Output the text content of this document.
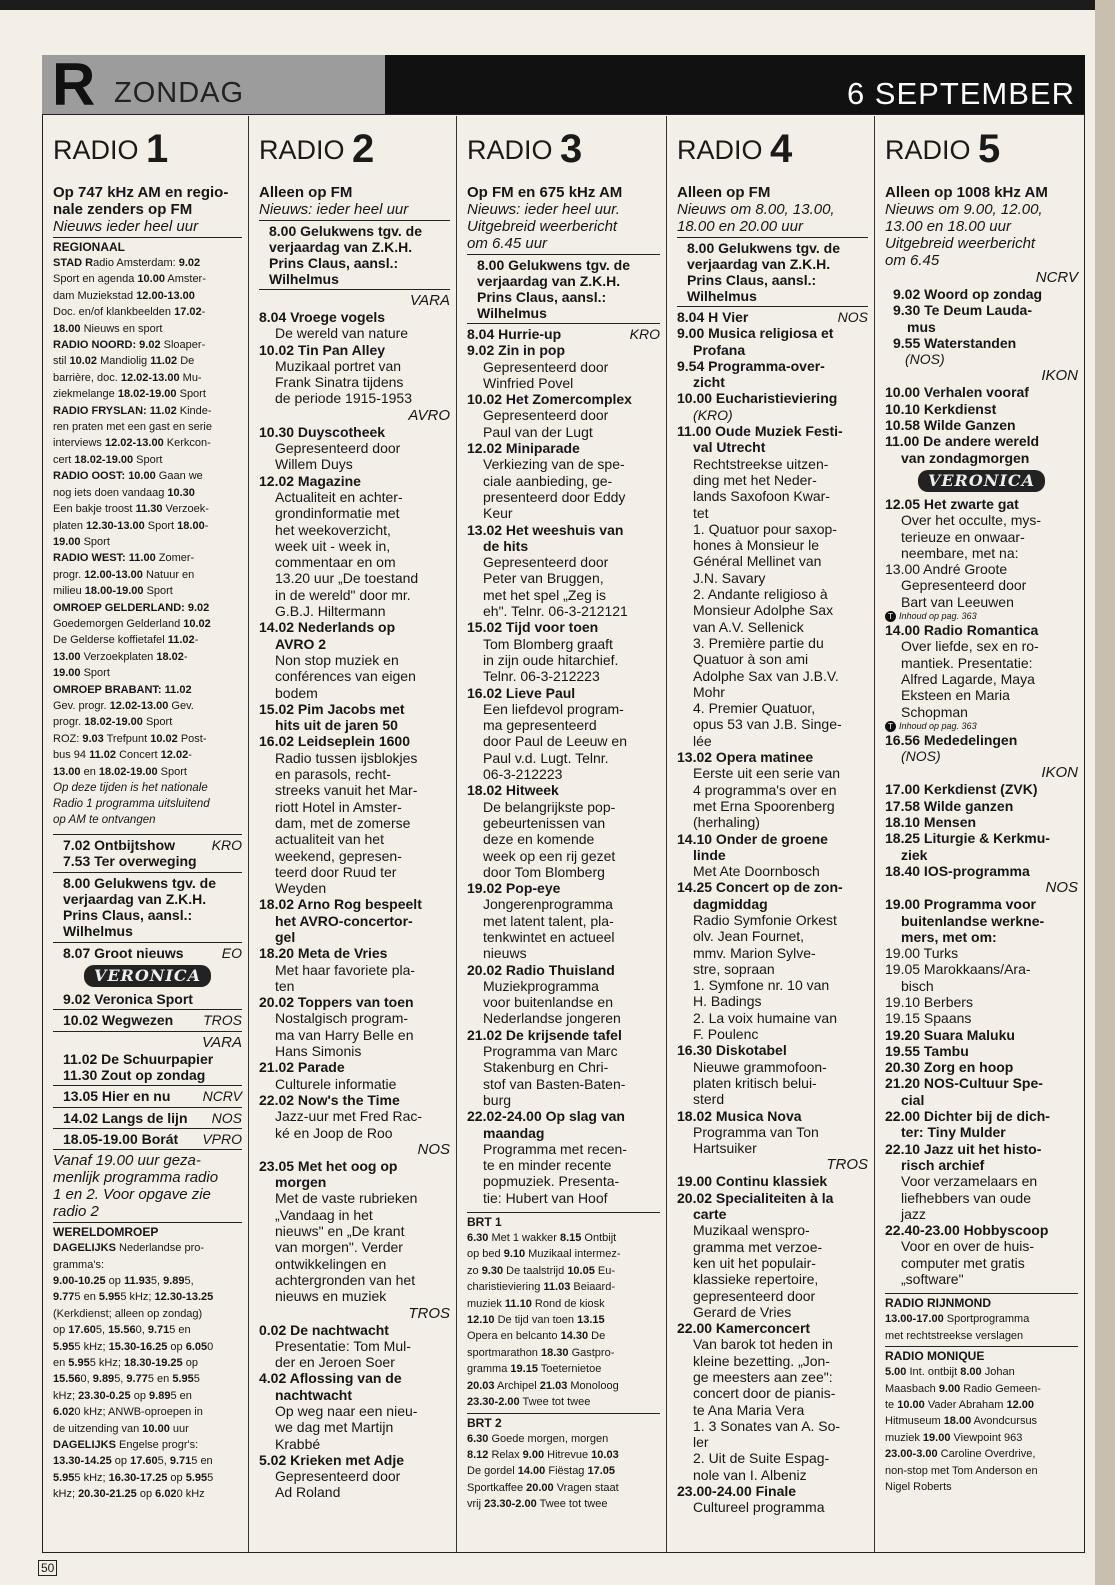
R ZONDAG	6 SEPTEMBER
RADIO 1
Op 747 kHz AM en regio-
nale zenders op FM
Nieuws ieder heel uur
REGIONAAL
STAD Radio Amsterdam: 9.02
Sport en agenda 10.00 Amster-
dam Muziekstad 12.00-13.00
Doc. en/of klankbeelden 17.02-
18.00 Nieuws en sport
RADIO NOORD: 9.02 Sloaper-
stil 10.02 Mandiolig 11.02 De
barrière, doc. 12.02-13.00 Mu-
ziekmelange 18.02-19.00 Sport
RADIO FRYSLAN: 11.02 Kinde-
ren praten met een gast en serie
interviews 12.02-13.00 Kerkcon-
cert 18.02-19.00 Sport
RADIO OOST: 10.00 Gaan we
nog iets doen vandaag 10.30
Een bakje troost 11.30 Verzoek-
platen 12.30-13.00 Sport 18.00-
19.00 Sport
RADIO WEST: 11.00 Zomer-
progr. 12.00-13.00 Natuur en
milieu 18.00-19.00 Sport
OMROEP GELDERLAND: 9.02
Goedemorgen Gelderland 10.02
De Gelderse koffietafel 11.02-
13.00 Verzoekplaten 18.02-
19.00 Sport
OMROEP BRABANT: 11.02
Gev. progr. 12.02-13.00 Gev.
progr. 18.02-19.00 Sport
ROZ: 9.03 Trefpunt 10.02 Post-
bus 94 11.02 Concert 12.02-
13.00 en 18.02-19.00 Sport
Op deze tijden is het nationale
Radio 1 programma uitsluitend
op AM te ontvangen
7.02 Ontbijtshow	KRO
7.53 Ter overweging
8.00 Gelukwens tgv. de
verjaardag van Z.K.H.
Prins Claus, aansl.:
Wilhelmus
8.07 Groot nieuws	EO
VERONICA
9.02 Veronica Sport
10.02 Wegwezen TROS
VARA
11.02 De Schuurpapier
11.30 Zout op zondag
13.05 Hier en nu NCRV
14.02 Langs de lijn NOS
18.05-19.00 Borát VPRO
Vanaf 19.00 uur geza-
menlijk programma radio
1 en 2. Voor opgave zie
radio 2
WERELDOMROEP
DAGELIJKS Nederlandse pro-
gramma's:
9.00-10.25 op 11.935, 9.895,
9.775 en 5.955 kHz; 12.30-13.25
(Kerkdienst; alleen op zondag)
op 17.605, 15.560, 9.715 en
5.955 kHz; 15.30-16.25 op 6.050
en 5.955 kHz; 18.30-19.25 op
15.560, 9.895, 9.775 en 5.955
kHz; 23.30-0.25 op 9.895 en
6.020 kHz; ANWB-oproepen in
de uitzending van 10.00 uur
DAGELIJKS Engelse progr's:
13.30-14.25 op 17.605, 9.715 en
5.955 kHz; 16.30-17.25 op 5.955
kHz; 20.30-21.25 op 6.020 kHz
RADIO 2
Alleen op FM
Nieuws: ieder heel uur
8.00 Gelukwens tgv. de
verjaardag van Z.K.H.
Prins Claus, aansl.:
Wilhelmus
VARA
8.04 Vroege vogels
De wereld van nature
10.02 Tin Pan Alley
Muzikaal portret van
Frank Sinatra tijdens
de periode 1915-1953
AVRO
10.30 Duyscotheek
Gepresenteerd door
Willem Duys
12.02 Magazine
Actualiteit en achter-
grondinformatie met
het weekoverzicht,
week uit - week in,
commentaar en om
13.20 uur „De toestand
in de wereld" door mr.
G.B.J. Hiltermann
14.02 Nederlands op
AVRO 2
Non stop muziek en
conférences van eigen
bodem
15.02 Pim Jacobs met
hits uit de jaren 50
16.02 Leidseplein 1600
Radio tussen ijsblokjes
en parasols, recht-
streeks vanuit het Mar-
riott Hotel in Amster-
dam, met de zomerse
actualiteit van het
weekend, gepresen-
teerd door Ruud ter
Weyden
18.02 Arno Rog bespeelt
het AVRO-concertor-
gel
18.20 Meta de Vries
Met haar favoriete pla-
ten
20.02 Toppers van toen
Nostalgisch program-
ma van Harry Belle en
Hans Simonis
21.02 Parade
Culturele informatie
22.02 Now's the Time
Jazz-uur met Fred Rac-
ké en Joop de Roo
NOS
23.05 Met het oog op
morgen
Met de vaste rubrieken
„Vandaag in het
nieuws" en „De krant
van morgen". Verder
ontwikkelingen en
achtergronden van het
nieuws en muziek
TROS
0.02 De nachtwacht
Presentatie: Tom Mul-
der en Jeroen Soer
4.02 Aflossing van de
nachtwacht
Op weg naar een nieu-
we dag met Martijn
Krabbé
5.02 Krieken met Adje
Gepresenteerd door
Ad Roland
RADIO 3
Op FM en 675 kHz AM
Nieuws: ieder heel uur.
Uitgebreid weerbericht
om 6.45 uur
8.00 Gelukwens tgv. de
verjaardag van Z.K.H.
Prins Claus, aansl.:
Wilhelmus
8.04 Hurrie-up	KRO
9.02 Zin in pop
Gepresenteerd door
Winfried Povel
10.02 Het Zomercomplex
Gepresenteerd door
Paul van der Lugt
12.02 Miniparade
Verkiezing van de spe-
ciale aanbieding, ge-
presenteerd door Eddy
Keur
13.02 Het weeshuis van
de hits
Gepresenteerd door
Peter van Bruggen,
met het spel „Zeg is
eh". Telnr. 06-3-212121
15.02 Tijd voor toen
Tom Blomberg graaft
in zijn oude hitarchief.
Telnr. 06-3-212223
16.02 Lieve Paul
Een liefdevol program-
ma gepresenteerd
door Paul de Leeuw en
Paul v.d. Lugt. Telnr.
06-3-212223
18.02 Hitweek
De belangrijkste pop-
gebeurtenissen van
deze en komende
week op een rij gezet
door Tom Blomberg
19.02 Pop-eye
Jongerenprogramma
met latent talent, pla-
tenkwintet en actueel
nieuws
20.02 Radio Thuisland
Muziekprogramma
voor buitenlandse en
Nederlandse jongeren
21.02 De krijsende tafel
Programma van Marc
Stakenburg en Chri-
stof van Basten-Baten-
burg
22.02-24.00 Op slag van
maandag
Programma met recen-
te en minder recente
popmuziek. Presenta-
tie: Hubert van Hoof
BRT 1
6.30 Met 1 wakker 8.15 Ontbijt
op bed 9.10 Muzikaal intermez-
zo 9.30 De taalstrijd 10.05 Eu-
charistieviering 11.03 Beiaard-
muziek 11.10 Rond de kiosk
12.10 De tijd van toen 13.15
Opera en belcanto 14.30 De
sportmarathon 18.30 Gastpro-
gramma 19.15 Toeternietoe
20.03 Archipel 21.03 Monoloog
23.30-2.00 Twee tot twee
BRT 2
6.30 Goede morgen, morgen
8.12 Relax 9.00 Hitrevue 10.03
De gordel 14.00 Fiëstag 17.05
Sportkaffee 20.00 Vragen staat
vrij 23.30-2.00 Twee tot twee
RADIO 4
Alleen op FM
Nieuws om 8.00, 13.00,
18.00 en 20.00 uur
8.00 Gelukwens tgv. de
verjaardag van Z.K.H.
Prins Claus, aansl.:
Wilhelmus
8.04 H Vier	NOS
9.00 Musica religiosa et
Profana
9.54 Programma-over-
zicht
10.00 Eucharistieviering
(KRO)
11.00 Oude Muziek Festi-
val Utrecht
Rechtstreekse uitzen-
ding met het Neder-
lands Saxofoon Kwar-
tet
1. Quatuor pour saxop-
hones à Monsieur le
Général Mellinet van
J.N. Savary
2. Andante religioso à
Monsieur Adolphe Sax
van A.V. Sellenick
3. Première partie du
Quatuor à son ami
Adolphe Sax van J.B.V.
Mohr
4. Premier Quatuor,
opus 53 van J.B. Singe-
lée
13.02 Opera matinee
Eerste uit een serie van
4 programma's over en
met Erna Spoorenberg
(herhaling)
14.10 Onder de groene
linde
Met Ate Doornbosch
14.25 Concert op de zon-
dagmiddag
Radio Symfonie Orkest
olv. Jean Fournet,
mmv. Marion Sylve-
stre, sopraan
1. Symfone nr. 10 van
H. Badings
2. La voix humaine van
F. Poulenc
16.30 Diskotabel
Nieuwe grammofoon-
platen kritisch belui-
sterd
18.02 Musica Nova
Programma van Ton
Hartsuiker
TROS
19.00 Continu klassiek
20.02 Specialiteiten à la
carte
Muzikaal wenspro-
gramma met verzoe-
ken uit het populair-
klassieke repertoire,
gepresenteerd door
Gerard de Vries
22.00 Kamerconcert
Van barok tot heden in
kleine bezetting. „Jon-
ge meesters aan zee":
concert door de pianis-
te Ana Maria Vera
1. 3 Sonates van A. So-
ler
2. Uit de Suite Espag-
nole van I. Albeniz
23.00-24.00 Finale
Cultureel programma
RADIO 5
Alleen op 1008 kHz AM
Nieuws om 9.00, 12.00,
13.00 en 18.00 uur
Uitgebreid weerbericht
om 6.45
NCRV
9.02 Woord op zondag
9.30 Te Deum Lauda-
mus
9.55 Waterstanden
(NOS)
IKON
10.00 Verhalen vooraf
10.10 Kerkdienst
10.58 Wilde Ganzen
11.00 De andere wereld
van zondagmorgen
VERONICA
12.05 Het zwarte gat
Over het occulte, mys-
terieuze en onwaar-
neembare, met na:
13.00 André Groote
Gepresenteerd door
Bart van Leeuwen
T Inhoud op pag. 363
14.00 Radio Romantica
Over liefde, sex en ro-
mantiek. Presentatie:
Alfred Lagarde, Maya
Eksteen en Maria
Schopman
T Inhoud op pag. 363
16.56 Mededelingen
(NOS)
IKON
17.00 Kerkdienst (ZVK)
17.58 Wilde ganzen
18.10 Mensen
18.25 Liturgie & Kerkmu-
ziek
18.40 IOS-programma
NOS
19.00 Programma voor
buitenlandse werkne-
mers, met om:
19.00 Turks
19.05 Marokkaans/Ara-
bisch
19.10 Berbers
19.15 Spaans
19.20 Suara Maluku
19.55 Tambu
20.30 Zorg en hoop
21.20 NOS-Cultuur Spe-
cial
22.00 Dichter bij de dich-
ter: Tiny Mulder
22.10 Jazz uit het histo-
risch archief
Voor verzamelaars en
liefhebbers van oude
jazz
22.40-23.00 Hobbyscoop
Voor en over de huis-
computer met gratis
„software"
RADIO RIJNMOND
13.00-17.00 Sportprogramma
met rechtstreekse verslagen
RADIO MONIQUE
5.00 Int. ontbijt 8.00 Johan
Maasbach 9.00 Radio Gemeen-
te 10.00 Vader Abraham 12.00
Hitmuseum 18.00 Avondcursus
muziek 19.00 Viewpoint 963
23.00-3.00 Caroline Overdrive,
non-stop met Tom Anderson en
Nigel Roberts
50
